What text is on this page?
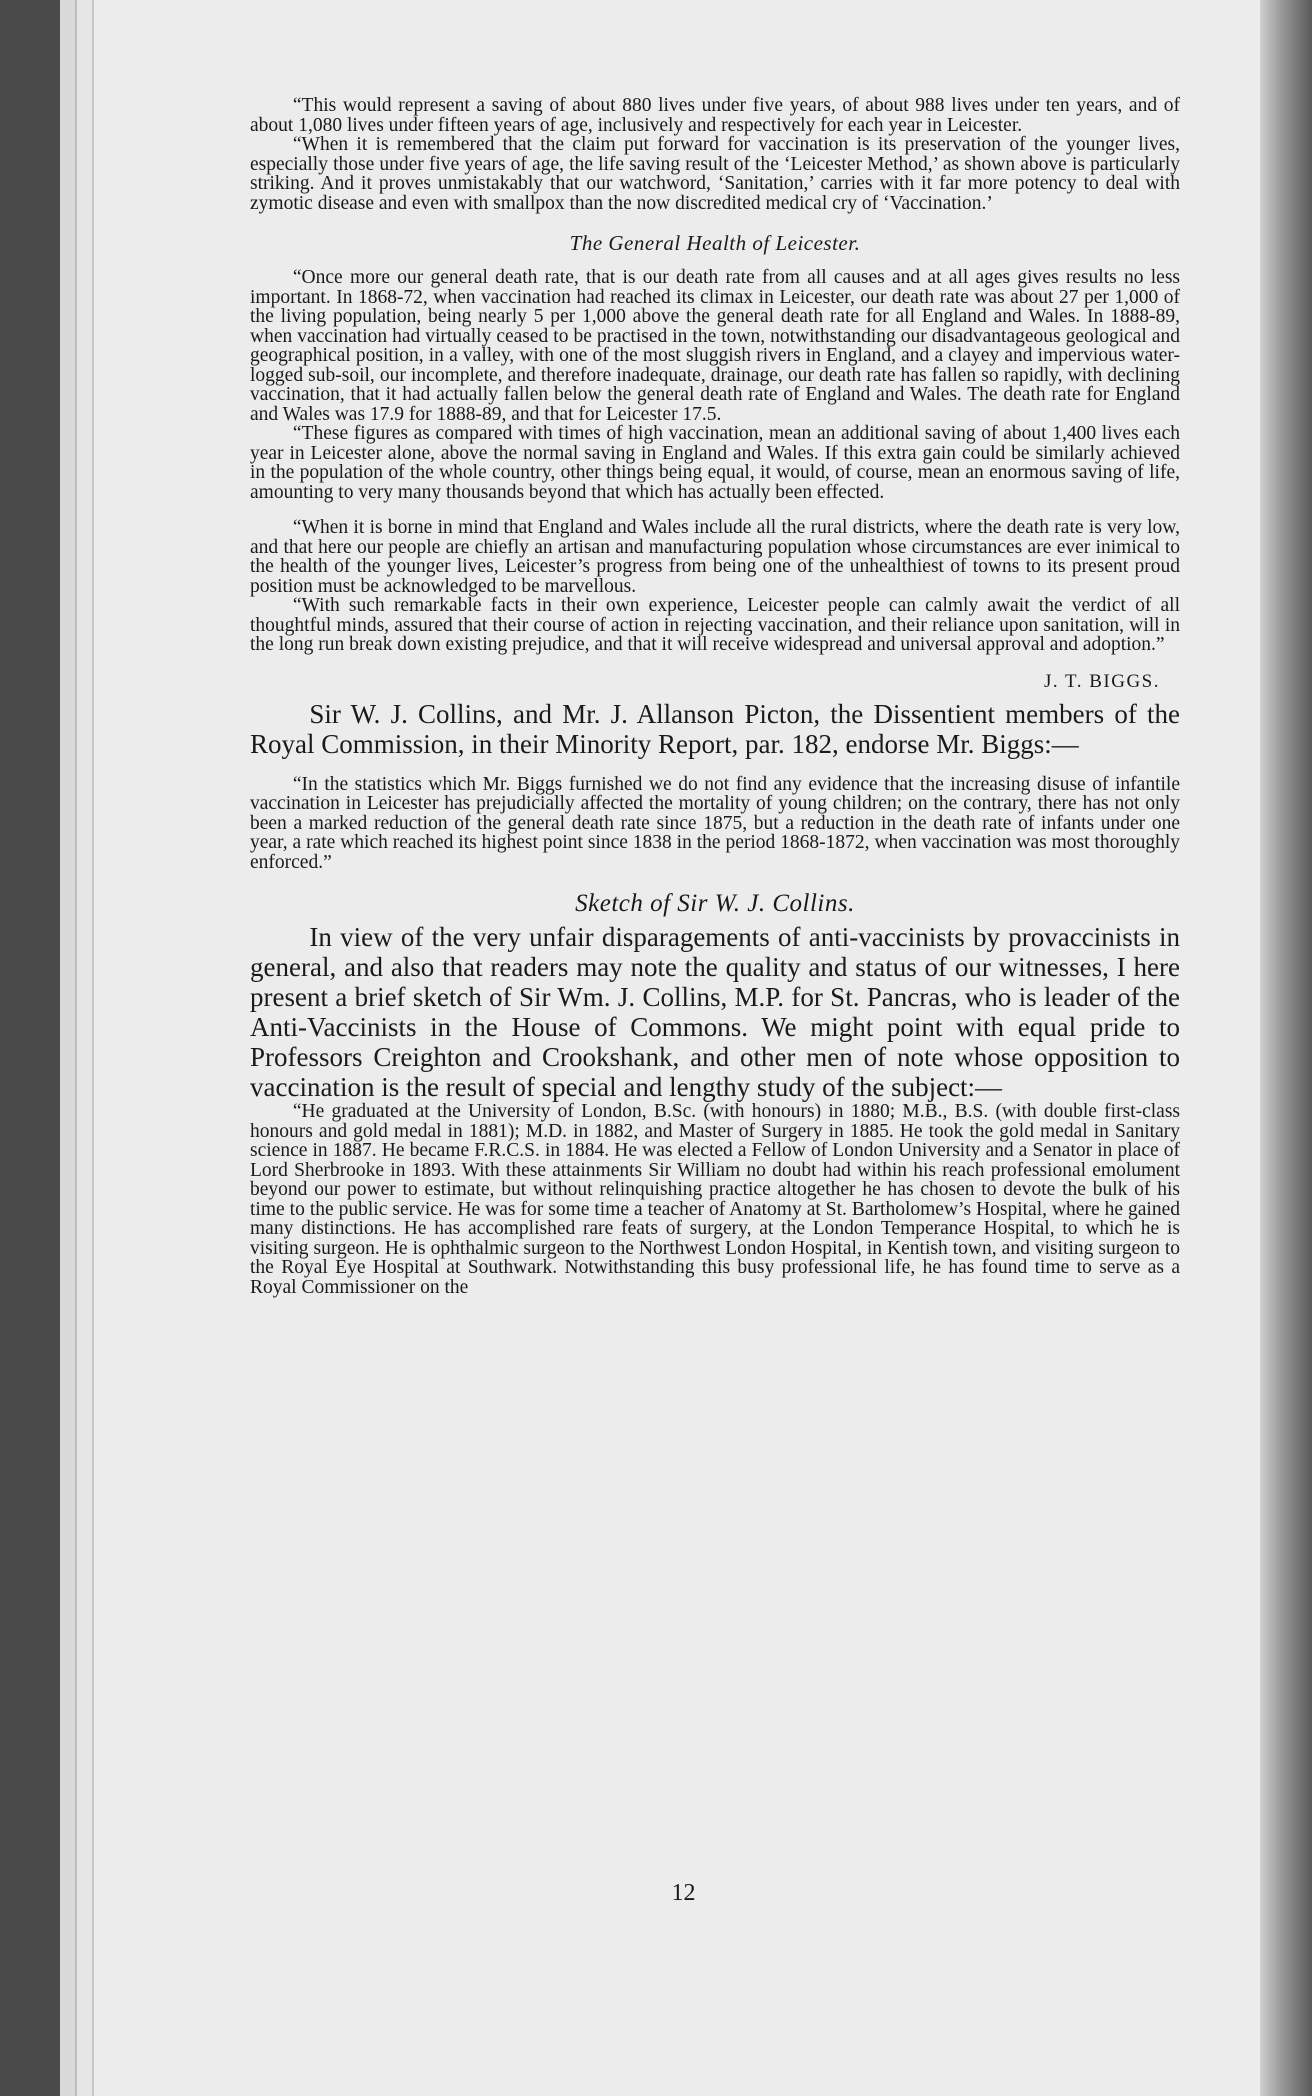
“This would represent a saving of about 880 lives under five years, of about 988 lives under ten years, and of about 1,080 lives under fifteen years of age, inclusively and respectively for each year in Leicester.

“When it is remembered that the claim put forward for vaccination is its preservation of the younger lives, especially those under five years of age, the life saving result of the ‘Leicester Method,’ as shown above is particularly striking. And it proves unmistakably that our watchword, ‘Sanitation,’ carries with it far more potency to deal with zymotic disease and even with smallpox than the now discredited medical cry of ‘Vaccination.’

The General Health of Leicester.

“Once more our general death rate, that is our death rate from all causes and at all ages gives results no less important. In 1868-72, when vaccination had reached its climax in Leicester, our death rate was about 27 per 1,000 of the living population, being nearly 5 per 1,000 above the general death rate for all England and Wales. In 1888-89, when vaccination had virtually ceased to be practised in the town, notwithstanding our disadvantageous geological and geographical position, in a valley, with one of the most sluggish rivers in England, and a clayey and impervious water-logged sub-soil, our incomplete, and therefore inadequate, drainage, our death rate has fallen so rapidly, with declining vaccination, that it had actually fallen below the general death rate of England and Wales. The death rate for England and Wales was 17.9 for 1888-89, and that for Leicester 17.5.

“These figures as compared with times of high vaccination, mean an additional saving of about 1,400 lives each year in Leicester alone, above the normal saving in England and Wales. If this extra gain could be similarly achieved in the population of the whole country, other things being equal, it would, of course, mean an enormous saving of life, amounting to very many thousands beyond that which has actually been effected.

“When it is borne in mind that England and Wales include all the rural districts, where the death rate is very low, and that here our people are chiefly an artisan and manufacturing population whose circumstances are ever inimical to the health of the younger lives, Leicester’s progress from being one of the unhealthiest of towns to its present proud position must be acknowledged to be marvellous.

“With such remarkable facts in their own experience, Leicester people can calmly await the verdict of all thoughtful minds, assured that their course of action in rejecting vaccination, and their reliance upon sanitation, will in the long run break down existing prejudice, and that it will receive widespread and universal approval and adoption.”

J. T. BIGGS.

Sir W. J. Collins, and Mr. J. Allanson Picton, the Dissentient members of the Royal Commission, in their Minority Report, par. 182, endorse Mr. Biggs:—

“In the statistics which Mr. Biggs furnished we do not find any evidence that the increasing disuse of infantile vaccination in Leicester has prejudicially affected the mortality of young children; on the contrary, there has not only been a marked reduction of the general death rate since 1875, but a reduction in the death rate of infants under one year, a rate which reached its highest point since 1838 in the period 1868-1872, when vaccination was most thoroughly enforced.”

Sketch of Sir W. J. Collins.

In view of the very unfair disparagements of anti-vaccinists by provaccinists in general, and also that readers may note the quality and status of our witnesses, I here present a brief sketch of Sir Wm. J. Collins, M.P. for St. Pancras, who is leader of the Anti-Vaccinists in the House of Commons. We might point with equal pride to Professors Creighton and Crookshank, and other men of note whose opposition to vaccination is the result of special and lengthy study of the subject:—

“He graduated at the University of London, B.Sc. (with honours) in 1880; M.B., B.S. (with double first-class honours and gold medal in 1881); M.D. in 1882, and Master of Surgery in 1885. He took the gold medal in Sanitary science in 1887. He became F.R.C.S. in 1884. He was elected a Fellow of London University and a Senator in place of Lord Sherbrooke in 1893. With these attainments Sir William no doubt had within his reach professional emolument beyond our power to estimate, but without relinquishing practice altogether he has chosen to devote the bulk of his time to the public service. He was for some time a teacher of Anatomy at St. Bartholomew’s Hospital, where he gained many distinctions. He has accomplished rare feats of surgery, at the London Temperance Hospital, to which he is visiting surgeon. He is ophthalmic surgeon to the Northwest London Hospital, in Kentish town, and visiting surgeon to the Royal Eye Hospital at Southwark. Notwithstanding this busy professional life, he has found time to serve as a Royal Commissioner on the

12
